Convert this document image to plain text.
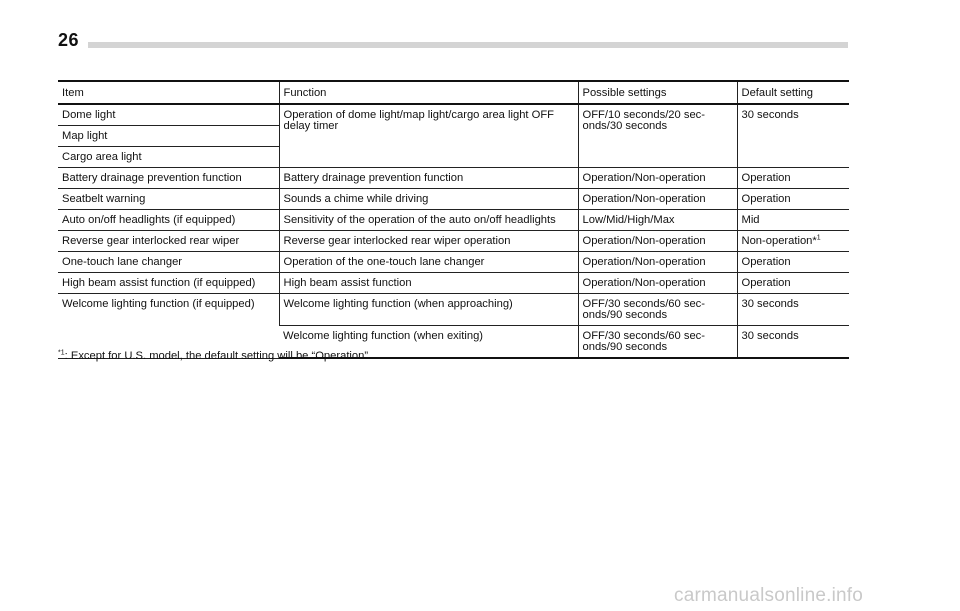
26
Item	Function	Possible settings	Default setting
Dome light	Operation of dome light/map light/cargo area light OFF delay timer	OFF/10 seconds/20 sec-onds/30 seconds	30 seconds
Map light			
Cargo area light			
Battery drainage prevention function	Battery drainage prevention function	Operation/Non-operation	Operation
Seatbelt warning	Sounds a chime while driving	Operation/Non-operation	Operation
Auto on/off headlights (if equipped)	Sensitivity of the operation of the auto on/off headlights	Low/Mid/High/Max	Mid
Reverse gear interlocked rear wiper	Reverse gear interlocked rear wiper operation	Operation/Non-operation	Non-operation*$^1$
One-touch lane changer	Operation of the one-touch lane changer	Operation/Non-operation	Operation
High beam assist function (if equipped)	High beam assist function	Operation/Non-operation	Operation
Welcome lighting function (if equipped)	Welcome lighting function (when approaching)	OFF/30 seconds/60 sec-onds/90 seconds	30 seconds
	Welcome lighting function (when exiting)	OFF/30 seconds/60 sec-onds/90 seconds	30 seconds
$^{*1}$: Except for U.S. model, the default setting will be “Operation”.
carmanualsonline.info
